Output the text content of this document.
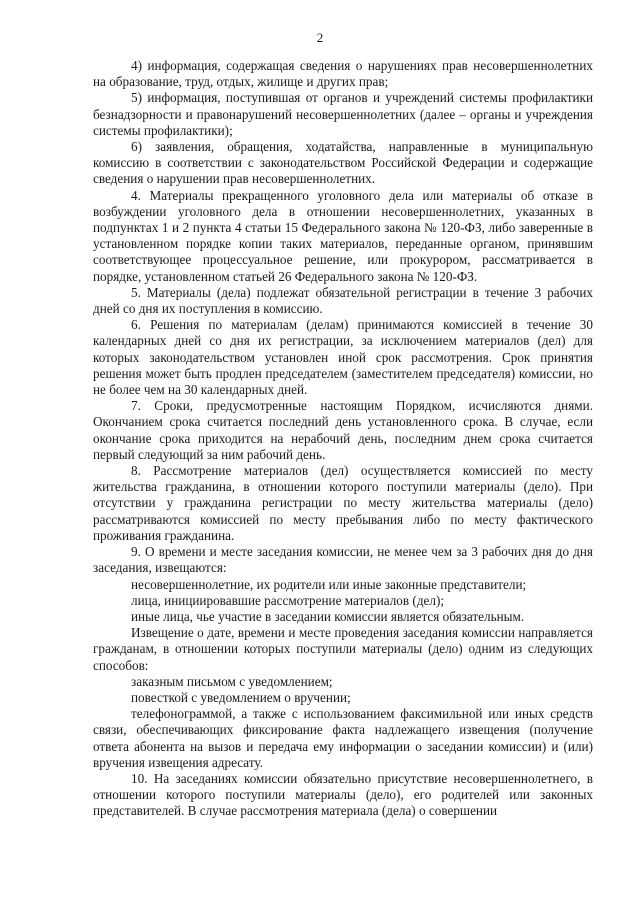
2

4) информация, содержащая сведения о нарушениях прав несовершеннолетних на образование, труд, отдых, жилище и других прав;

5) информация, поступившая от органов и учреждений системы профилактики безнадзорности и правонарушений несовершеннолетних (далее – органы и учреждения системы профилактики);

6) заявления, обращения, ходатайства, направленные в муниципальную комиссию в соответствии с законодательством Российской Федерации и содержащие сведения о нарушении прав несовершеннолетних.

4. Материалы прекращенного уголовного дела или материалы об отказе в возбуждении уголовного дела в отношении несовершеннолетних, указанных в подпунктах 1 и 2 пункта 4 статьи 15 Федерального закона № 120-ФЗ, либо заверенные в установленном порядке копии таких материалов, переданные органом, принявшим соответствующее процессуальное решение, или прокурором, рассматривается в порядке, установленном статьей 26 Федерального закона № 120-ФЗ.

5. Материалы (дела) подлежат обязательной регистрации в течение 3 рабочих дней со дня их поступления в комиссию.

6. Решения по материалам (делам) принимаются комиссией в течение 30 календарных дней со дня их регистрации, за исключением материалов (дел) для которых законодательством установлен иной срок рассмотрения. Срок принятия решения может быть продлен председателем (заместителем председателя) комиссии, но не более чем на 30 календарных дней.

7. Сроки, предусмотренные настоящим Порядком, исчисляются днями. Окончанием срока считается последний день установленного срока. В случае, если окончание срока приходится на нерабочий день, последним днем срока считается первый следующий за ним рабочий день.

8. Рассмотрение материалов (дел) осуществляется комиссией по месту жительства гражданина, в отношении которого поступили материалы (дело). При отсутствии у гражданина регистрации по месту жительства материалы (дело) рассматриваются комиссией по месту пребывания либо по месту фактического проживания гражданина.

9. О времени и месте заседания комиссии, не менее чем за 3 рабочих дня до дня заседания, извещаются:

несовершеннолетние, их родители или иные законные представители;

лица, инициировавшие рассмотрение материалов (дел);

иные лица, чье участие в заседании комиссии является обязательным.

Извещение о дате, времени и месте проведения заседания комиссии направляется гражданам, в отношении которых поступили материалы (дело) одним из следующих способов:

заказным письмом с уведомлением;

повесткой с уведомлением о вручении;

телефонограммой, а также с использованием факсимильной или иных средств связи, обеспечивающих фиксирование факта надлежащего извещения (получение ответа абонента на вызов и передача ему информации о заседании комиссии) и (или) вручения извещения адресату.

10. На заседаниях комиссии обязательно присутствие несовершеннолетнего, в отношении которого поступили материалы (дело), его родителей или законных представителей. В случае рассмотрения материала (дела) о совершении
